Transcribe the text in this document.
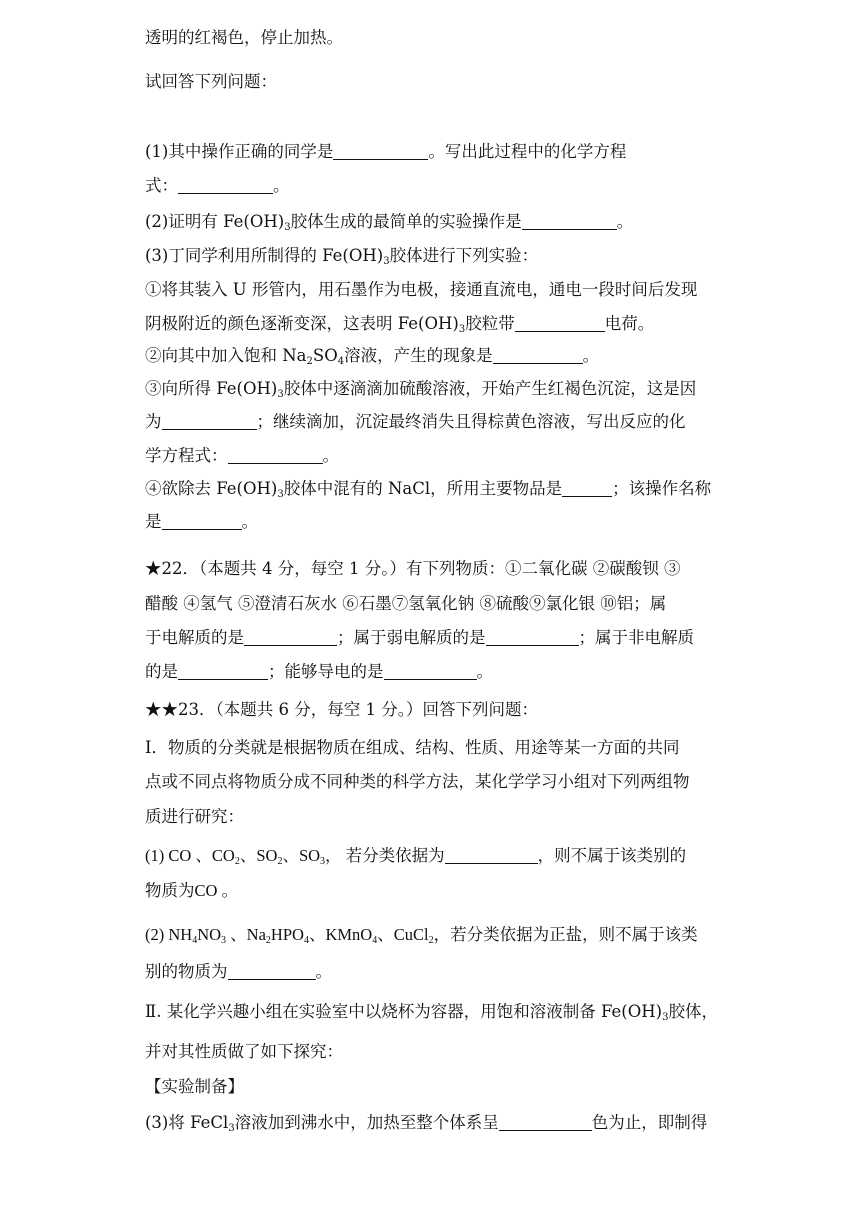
透明的红褐色，停止加热。
试回答下列问题：
(1)其中操作正确的同学是	。写出此过程中的化学方程
式：	。
(2)证明有 $Fe(OH)_3$胶体生成的最简单的实验操作是	。
(3)丁同学利用所制得的 $Fe(OH)_3$胶体进行下列实验：
①将其装入 U 形管内，用石墨作为电极，接通直流电，通电一段时间后发现
阴极附近的颜色逐渐变深，这表明 $Fe(OH)_3$胶粒带	电荷。
②向其中加入饱和 $Na_2SO_4$溶液，产生的现象是	。
③向所得 $Fe(OH)_3$胶体中逐滴滴加硫酸溶液，开始产生红褐色沉淀，这是因
为	；继续滴加，沉淀最终消失且得棕黄色溶液，写出反应的化
学方程式：	。
④欲除去 $Fe(OH)_3$胶体中混有的 NaCl，所用主要物品是	；该操作名称
是	。
★22．（本题共 4 分，每空 1 分。）有下列物质：①二氧化碳 ②碳酸钡 ③
醋酸 ④氢气 ⑤澄清石灰水 ⑥石墨⑦氢氧化钠 ⑧硫酸⑨氯化银 ⑩铝；属
于电解质的是	；属于弱电解质的是	；属于非电解质
的是	；能够导电的是	。
★★23．（本题共 6 分，每空 1 分。）回答下列问题：
Ⅰ．物质的分类就是根据物质在组成、结构、性质、用途等某一方面的共同
点或不同点将物质分成不同种类的科学方法，某化学学习小组对下列两组物
质进行研究：
(1) CO 、$CO_2$、$SO_2$、$SO_3$， 若分类依据为	，则不属于该类别的
物质为CO 。
(2) $NH_4NO_3$ 、$Na_2HPO_4$、KMnO$_4$、CuCl$_2$，若分类依据为正盐，则不属于该类
别的物质为	。
Ⅱ. 某化学兴趣小组在实验室中以烧杯为容器，用饱和溶液制备 $Fe(OH)_3$胶体，
并对其性质做了如下探究：
【实验制备】
(3)将 FeCl$_3$溶液加到沸水中，加热至整个体系呈	色为止，即制得
